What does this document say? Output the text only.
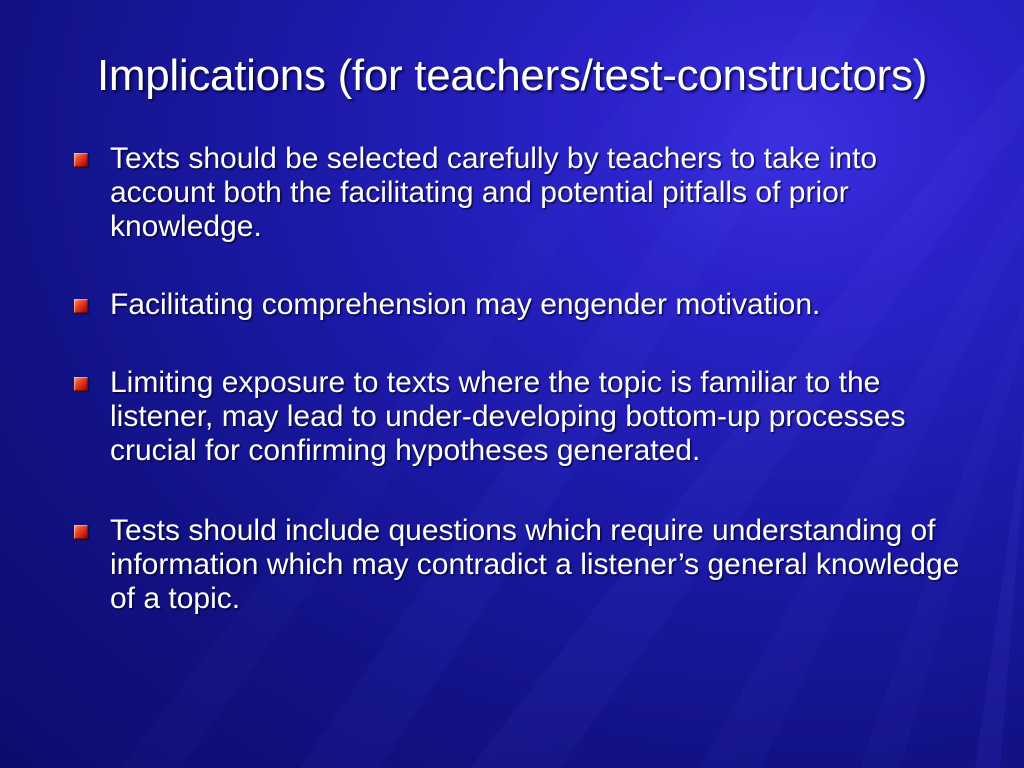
Implications (for teachers/test-constructors)
Texts should be selected carefully by teachers to take into account both the facilitating and potential pitfalls of prior knowledge.
Facilitating comprehension may engender motivation.
Limiting exposure to texts where the topic is familiar to the listener, may lead to under-developing bottom-up processes crucial for confirming hypotheses generated.
Tests should include questions which require understanding of information which may contradict a listener’s general knowledge of a topic.
